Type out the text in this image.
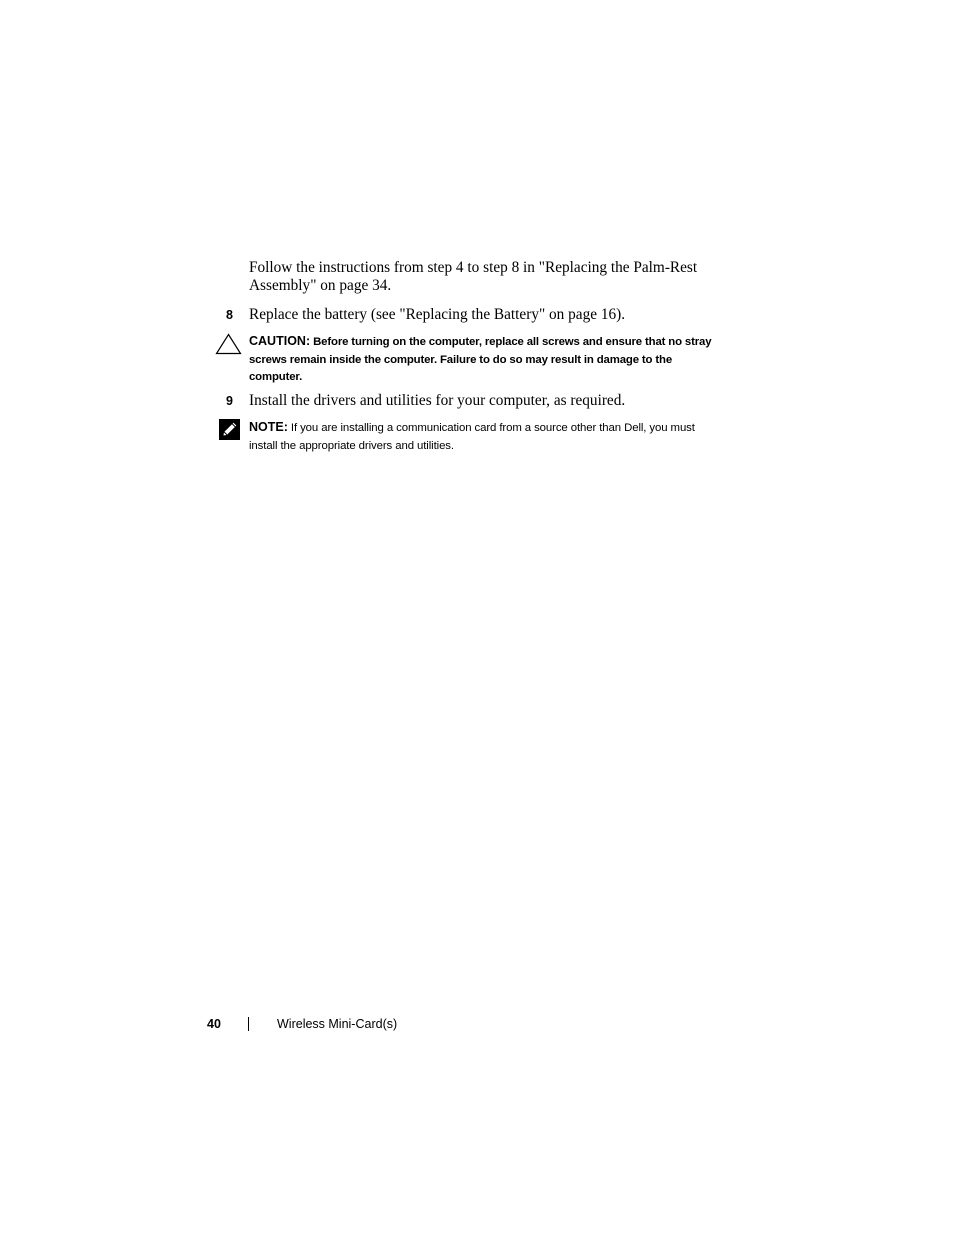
Follow the instructions from step 4 to step 8 in "Replacing the Palm-Rest Assembly" on page 34.

8 Replace the battery (see "Replacing the Battery" on page 16).

CAUTION: Before turning on the computer, replace all screws and ensure that no stray screws remain inside the computer. Failure to do so may result in damage to the computer.

9 Install the drivers and utilities for your computer, as required.

NOTE: If you are installing a communication card from a source other than Dell, you must install the appropriate drivers and utilities.

40	Wireless Mini-Card(s)
